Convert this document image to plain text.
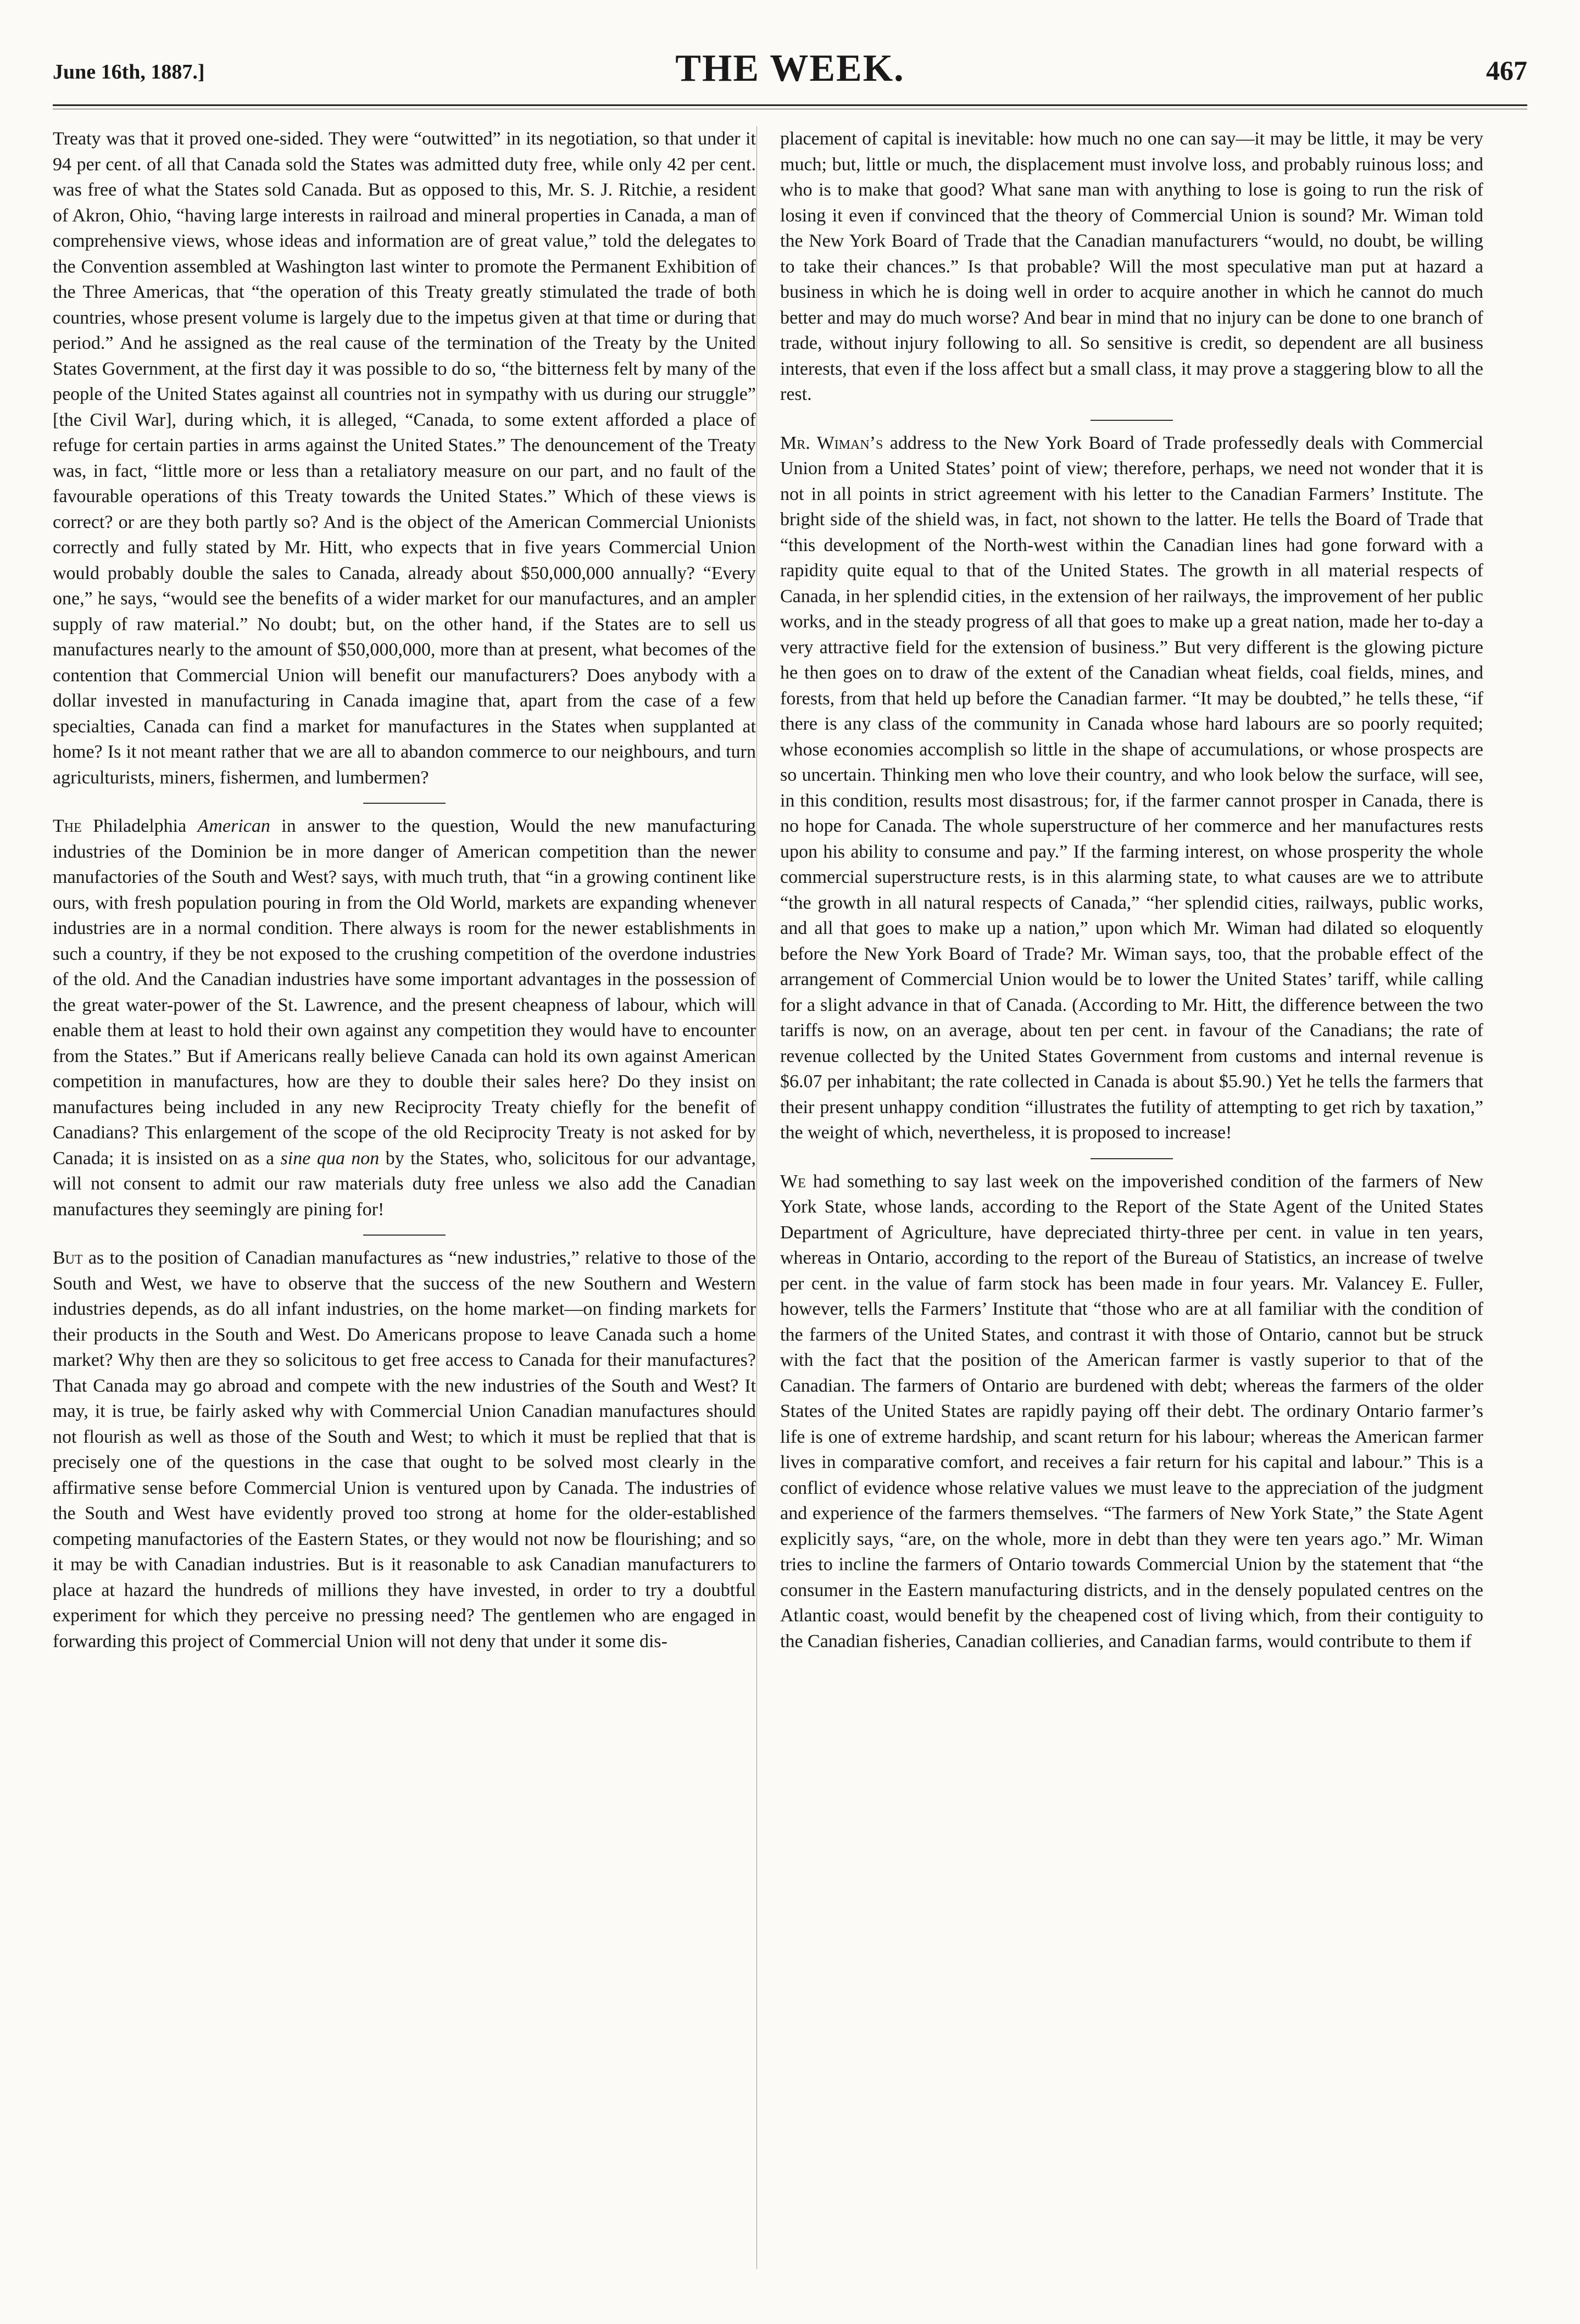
June 16th, 1887.]	THE WEEK.	467

Treaty was that it proved one-sided. They were “outwitted” in its negotiation, so that under it 94 per cent. of all that Canada sold the States was admitted duty free, while only 42 per cent. was free of what the States sold Canada. But as opposed to this, Mr. S. J. Ritchie, a resident of Akron, Ohio, “having large interests in railroad and mineral properties in Canada, a man of comprehensive views, whose ideas and information are of great value,” told the delegates to the Convention assembled at Washington last winter to promote the Permanent Exhibition of the Three Americas, that “the operation of this Treaty greatly stimulated the trade of both countries, whose present volume is largely due to the impetus given at that time or during that period.” And he assigned as the real cause of the termination of the Treaty by the United States Government, at the first day it was possible to do so, “the bitterness felt by many of the people of the United States against all countries not in sympathy with us during our struggle” [the Civil War], during which, it is alleged, “Canada, to some extent afforded a place of refuge for certain parties in arms against the United States.” The denouncement of the Treaty was, in fact, “little more or less than a retaliatory measure on our part, and no fault of the favourable operations of this Treaty towards the United States.” Which of these views is correct? or are they both partly so? And is the object of the American Commercial Unionists correctly and fully stated by Mr. Hitt, who expects that in five years Commercial Union would probably double the sales to Canada, already about $50,000,000 annually? “Every one,” he says, “would see the benefits of a wider market for our manufactures, and an ampler supply of raw material.” No doubt; but, on the other hand, if the States are to sell us manufactures nearly to the amount of $50,000,000, more than at present, what becomes of the contention that Commercial Union will benefit our manufacturers? Does anybody with a dollar invested in manufacturing in Canada imagine that, apart from the case of a few specialties, Canada can find a market for manufactures in the States when supplanted at home? Is it not meant rather that we are all to abandon commerce to our neighbours, and turn agriculturists, miners, fishermen, and lumbermen?

The Philadelphia American in answer to the question, Would the new manufacturing industries of the Dominion be in more danger of American competition than the newer manufactories of the South and West? says, with much truth, that “in a growing continent like ours, with fresh population pouring in from the Old World, markets are expanding whenever industries are in a normal condition. There always is room for the newer establishments in such a country, if they be not exposed to the crushing competition of the overdone industries of the old. And the Canadian industries have some important advantages in the possession of the great water-power of the St. Lawrence, and the present cheapness of labour, which will enable them at least to hold their own against any competition they would have to encounter from the States.” But if Americans really believe Canada can hold its own against American competition in manufactures, how are they to double their sales here? Do they insist on manufactures being included in any new Reciprocity Treaty chiefly for the benefit of Canadians? This enlargement of the scope of the old Reciprocity Treaty is not asked for by Canada; it is insisted on as a sine qua non by the States, who, solicitous for our advantage, will not consent to admit our raw materials duty free unless we also add the Canadian manufactures they seemingly are pining for!

But as to the position of Canadian manufactures as “new industries,” relative to those of the South and West, we have to observe that the success of the new Southern and Western industries depends, as do all infant industries, on the home market—on finding markets for their products in the South and West. Do Americans propose to leave Canada such a home market? Why then are they so solicitous to get free access to Canada for their manufactures? That Canada may go abroad and compete with the new industries of the South and West? It may, it is true, be fairly asked why with Commercial Union Canadian manufactures should not flourish as well as those of the South and West; to which it must be replied that that is precisely one of the questions in the case that ought to be solved most clearly in the affirmative sense before Commercial Union is ventured upon by Canada. The industries of the South and West have evidently proved too strong at home for the older-established competing manufactories of the Eastern States, or they would not now be flourishing; and so it may be with Canadian industries. But is it reasonable to ask Canadian manufacturers to place at hazard the hundreds of millions they have invested, in order to try a doubtful experiment for which they perceive no pressing need? The gentlemen who are engaged in forwarding this project of Commercial Union will not deny that under it some dis-

placement of capital is inevitable: how much no one can say—it may be little, it may be very much; but, little or much, the displacement must involve loss, and probably ruinous loss; and who is to make that good? What sane man with anything to lose is going to run the risk of losing it even if convinced that the theory of Commercial Union is sound? Mr. Wiman told the New York Board of Trade that the Canadian manufacturers “would, no doubt, be willing to take their chances.” Is that probable? Will the most speculative man put at hazard a business in which he is doing well in order to acquire another in which he cannot do much better and may do much worse? And bear in mind that no injury can be done to one branch of trade, without injury following to all. So sensitive is credit, so dependent are all business interests, that even if the loss affect but a small class, it may prove a staggering blow to all the rest.

Mr. Wiman’s address to the New York Board of Trade professedly deals with Commercial Union from a United States’ point of view; therefore, perhaps, we need not wonder that it is not in all points in strict agreement with his letter to the Canadian Farmers’ Institute. The bright side of the shield was, in fact, not shown to the latter. He tells the Board of Trade that “this development of the North-west within the Canadian lines had gone forward with a rapidity quite equal to that of the United States. The growth in all material respects of Canada, in her splendid cities, in the extension of her railways, the improvement of her public works, and in the steady progress of all that goes to make up a great nation, made her to-day a very attractive field for the extension of business.” But very different is the glowing picture he then goes on to draw of the extent of the Canadian wheat fields, coal fields, mines, and forests, from that held up before the Canadian farmer. “It may be doubted,” he tells these, “if there is any class of the community in Canada whose hard labours are so poorly requited; whose economies accomplish so little in the shape of accumulations, or whose prospects are so uncertain. Thinking men who love their country, and who look below the surface, will see, in this condition, results most disastrous; for, if the farmer cannot prosper in Canada, there is no hope for Canada. The whole superstructure of her commerce and her manufactures rests upon his ability to consume and pay.” If the farming interest, on whose prosperity the whole commercial superstructure rests, is in this alarming state, to what causes are we to attribute “the growth in all natural respects of Canada,” “her splendid cities, railways, public works, and all that goes to make up a nation,” upon which Mr. Wiman had dilated so eloquently before the New York Board of Trade? Mr. Wiman says, too, that the probable effect of the arrangement of Commercial Union would be to lower the United States’ tariff, while calling for a slight advance in that of Canada. (According to Mr. Hitt, the difference between the two tariffs is now, on an average, about ten per cent. in favour of the Canadians; the rate of revenue collected by the United States Government from customs and internal revenue is $6.07 per inhabitant; the rate collected in Canada is about $5.90.) Yet he tells the farmers that their present unhappy condition “illustrates the futility of attempting to get rich by taxation,” the weight of which, nevertheless, it is proposed to increase!

We had something to say last week on the impoverished condition of the farmers of New York State, whose lands, according to the Report of the State Agent of the United States Department of Agriculture, have depreciated thirty-three per cent. in value in ten years, whereas in Ontario, according to the report of the Bureau of Statistics, an increase of twelve per cent. in the value of farm stock has been made in four years. Mr. Valancey E. Fuller, however, tells the Farmers’ Institute that “those who are at all familiar with the condition of the farmers of the United States, and contrast it with those of Ontario, cannot but be struck with the fact that the position of the American farmer is vastly superior to that of the Canadian. The farmers of Ontario are burdened with debt; whereas the farmers of the older States of the United States are rapidly paying off their debt. The ordinary Ontario farmer’s life is one of extreme hardship, and scant return for his labour; whereas the American farmer lives in comparative comfort, and receives a fair return for his capital and labour.” This is a conflict of evidence whose relative values we must leave to the appreciation of the judgment and experience of the farmers themselves. “The farmers of New York State,” the State Agent explicitly says, “are, on the whole, more in debt than they were ten years ago.” Mr. Wiman tries to incline the farmers of Ontario towards Commercial Union by the statement that “the consumer in the Eastern manufacturing districts, and in the densely populated centres on the Atlantic coast, would benefit by the cheapened cost of living which, from their contiguity to the Canadian fisheries, Canadian collieries, and Canadian farms, would contribute to them if
